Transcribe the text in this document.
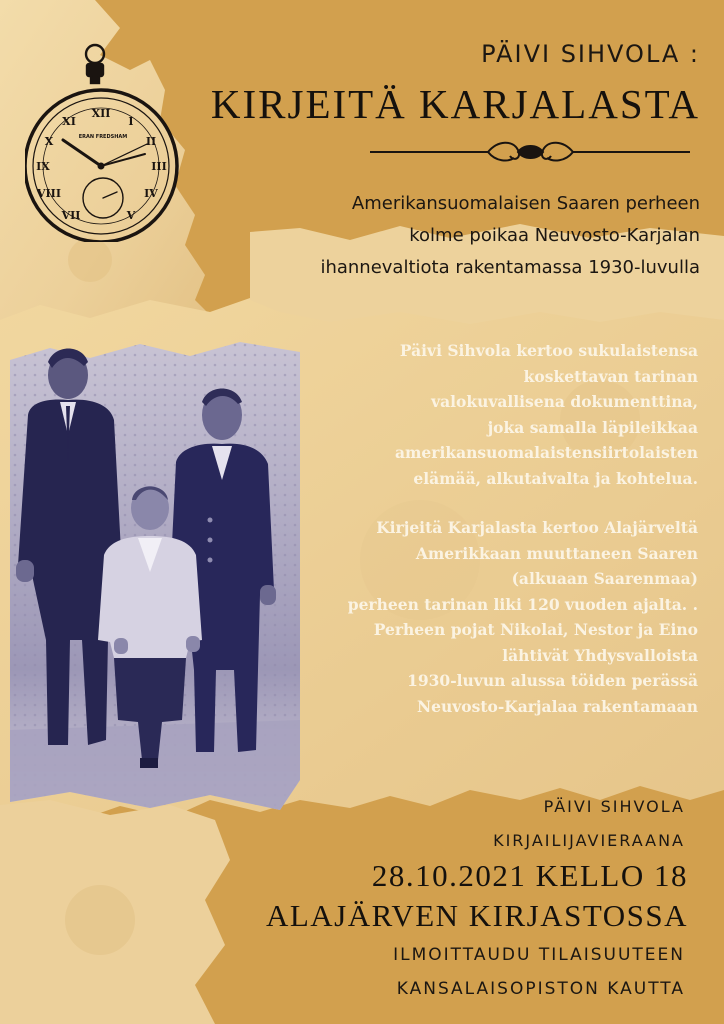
XII
I
II
III
IV
V
VII
VIII
IX
X
XI
ERAN FREDSHAM
PÄIVI SIHVOLA :
KIRJEITÄ KARJALASTA
Amerikansuomalaisen Saaren perheen
kolme poikaa Neuvosto-Karjalan
ihannevaltiota rakentamassa 1930-luvulla

Päivi Sihvola kertoo sukulaistensa
koskettavan tarinan
valokuvallisena dokumenttina,
joka samalla läpileikkaa
amerikansuomalaistensiirtolaisten
elämää, alkutaivalta ja kohtelua.

Kirjeitä Karjalasta kertoo Alajärveltä
Amerikkaan muuttaneen Saaren
(alkuaan Saarenmaa)
perheen tarinan liki 120 vuoden ajalta. .
Perheen pojat Nikolai, Nestor ja Eino
lähtivät Yhdysvalloista
1930-luvun alussa töiden perässä
Neuvosto-Karjalaa rakentamaan

PÄIVI SIHVOLA
KIRJAILIJAVIERAANA
28.10.2021 KELLO 18
ALAJÄRVEN KIRJASTOSSA
ILMOITTAUDU TILAISUUTEEN
KANSALAISOPISTON KAUTTA
